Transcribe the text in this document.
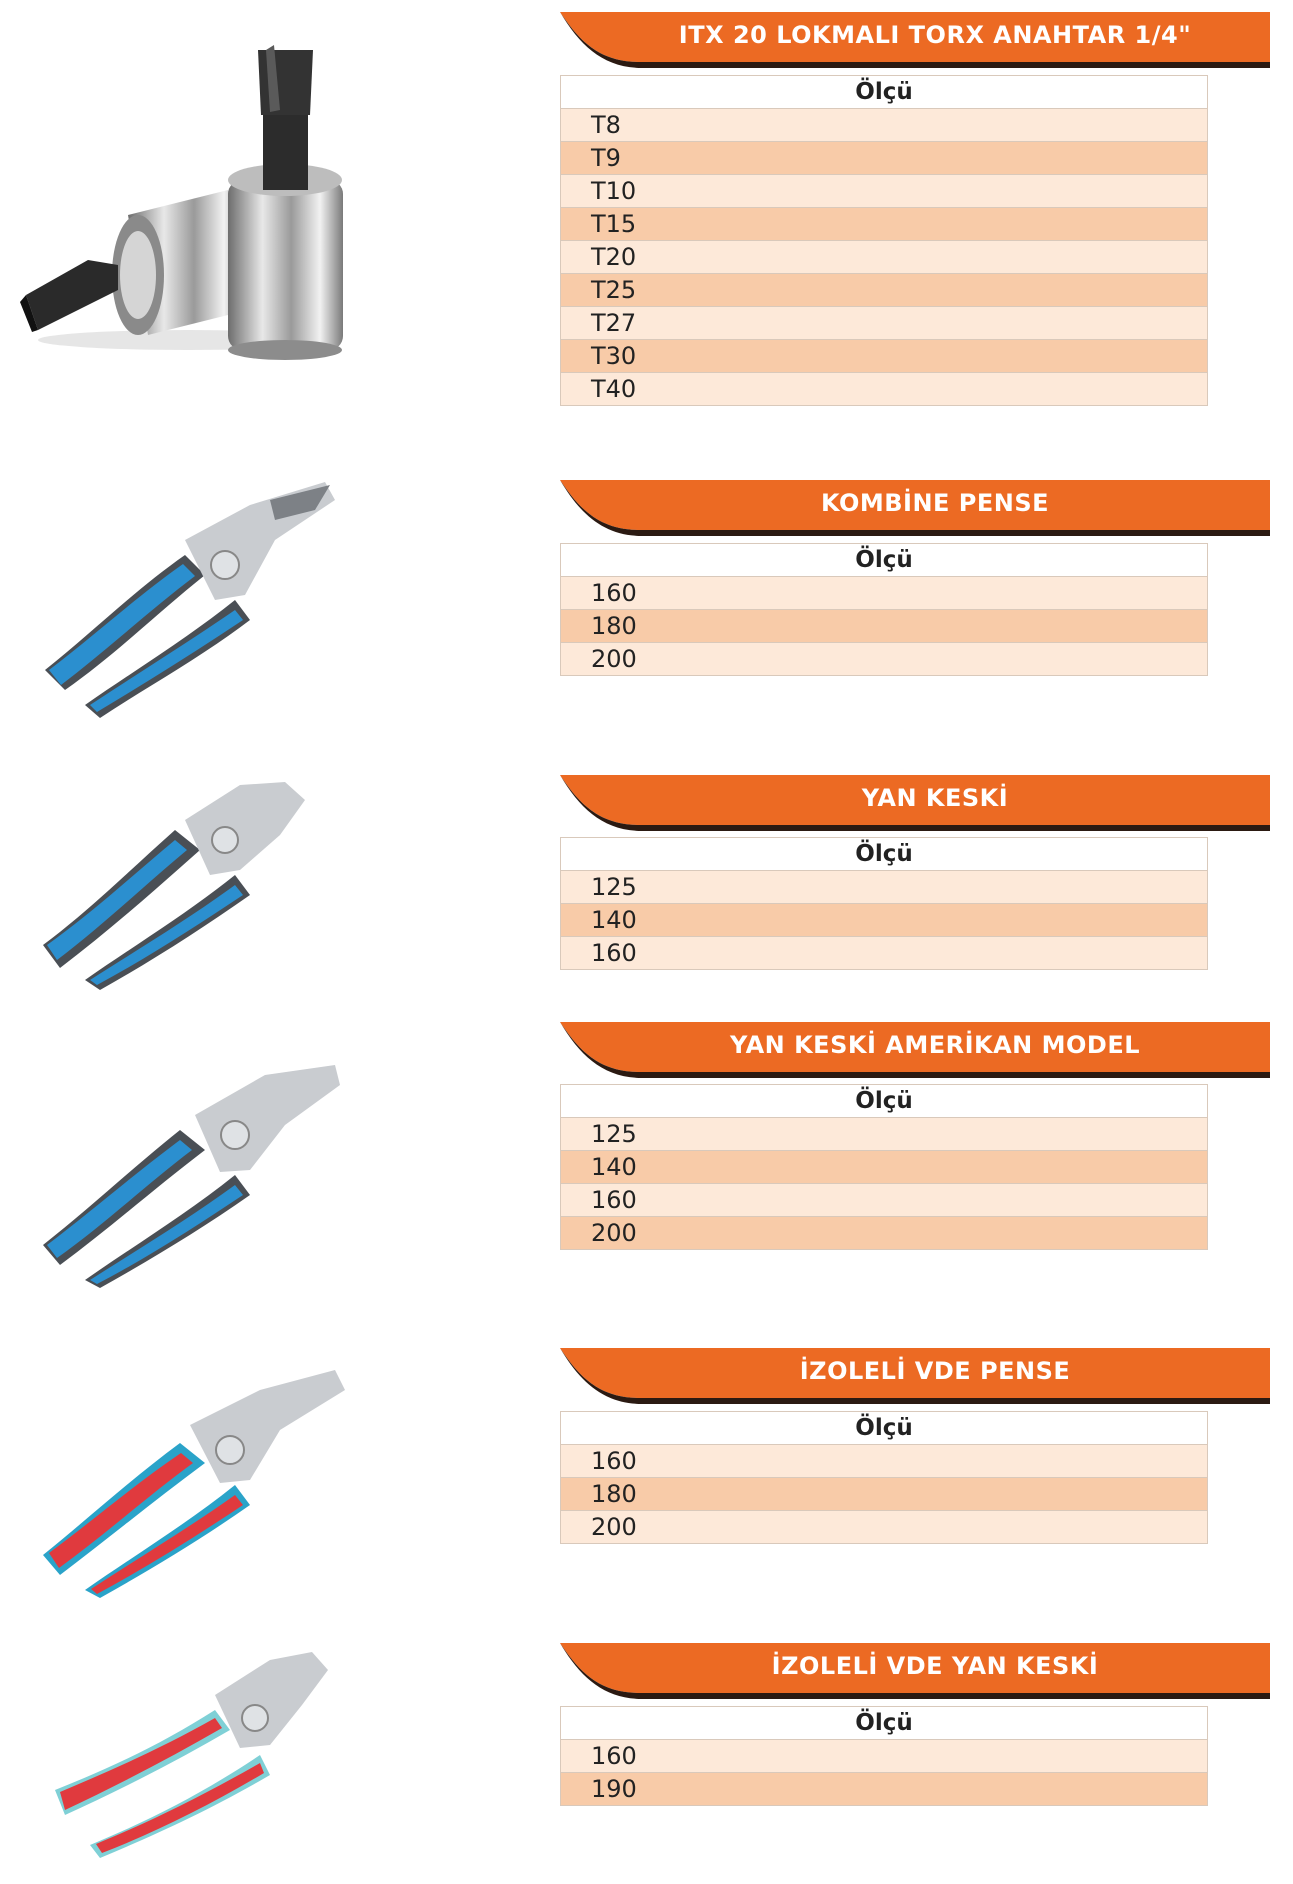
ITX 20 LOKMALI TORX ANAHTAR 1/4"
Ölçü
T8
T9
T10
T15
T20
T25
T27
T30
T40
KOMBİNE PENSE
Ölçü
160
180
200
YAN KESKİ
Ölçü
125
140
160
YAN KESKİ AMERİKAN MODEL
Ölçü
125
140
160
200
İZOLELİ VDE PENSE
Ölçü
160
180
200
İZOLELİ VDE YAN KESKİ
Ölçü
160
190
